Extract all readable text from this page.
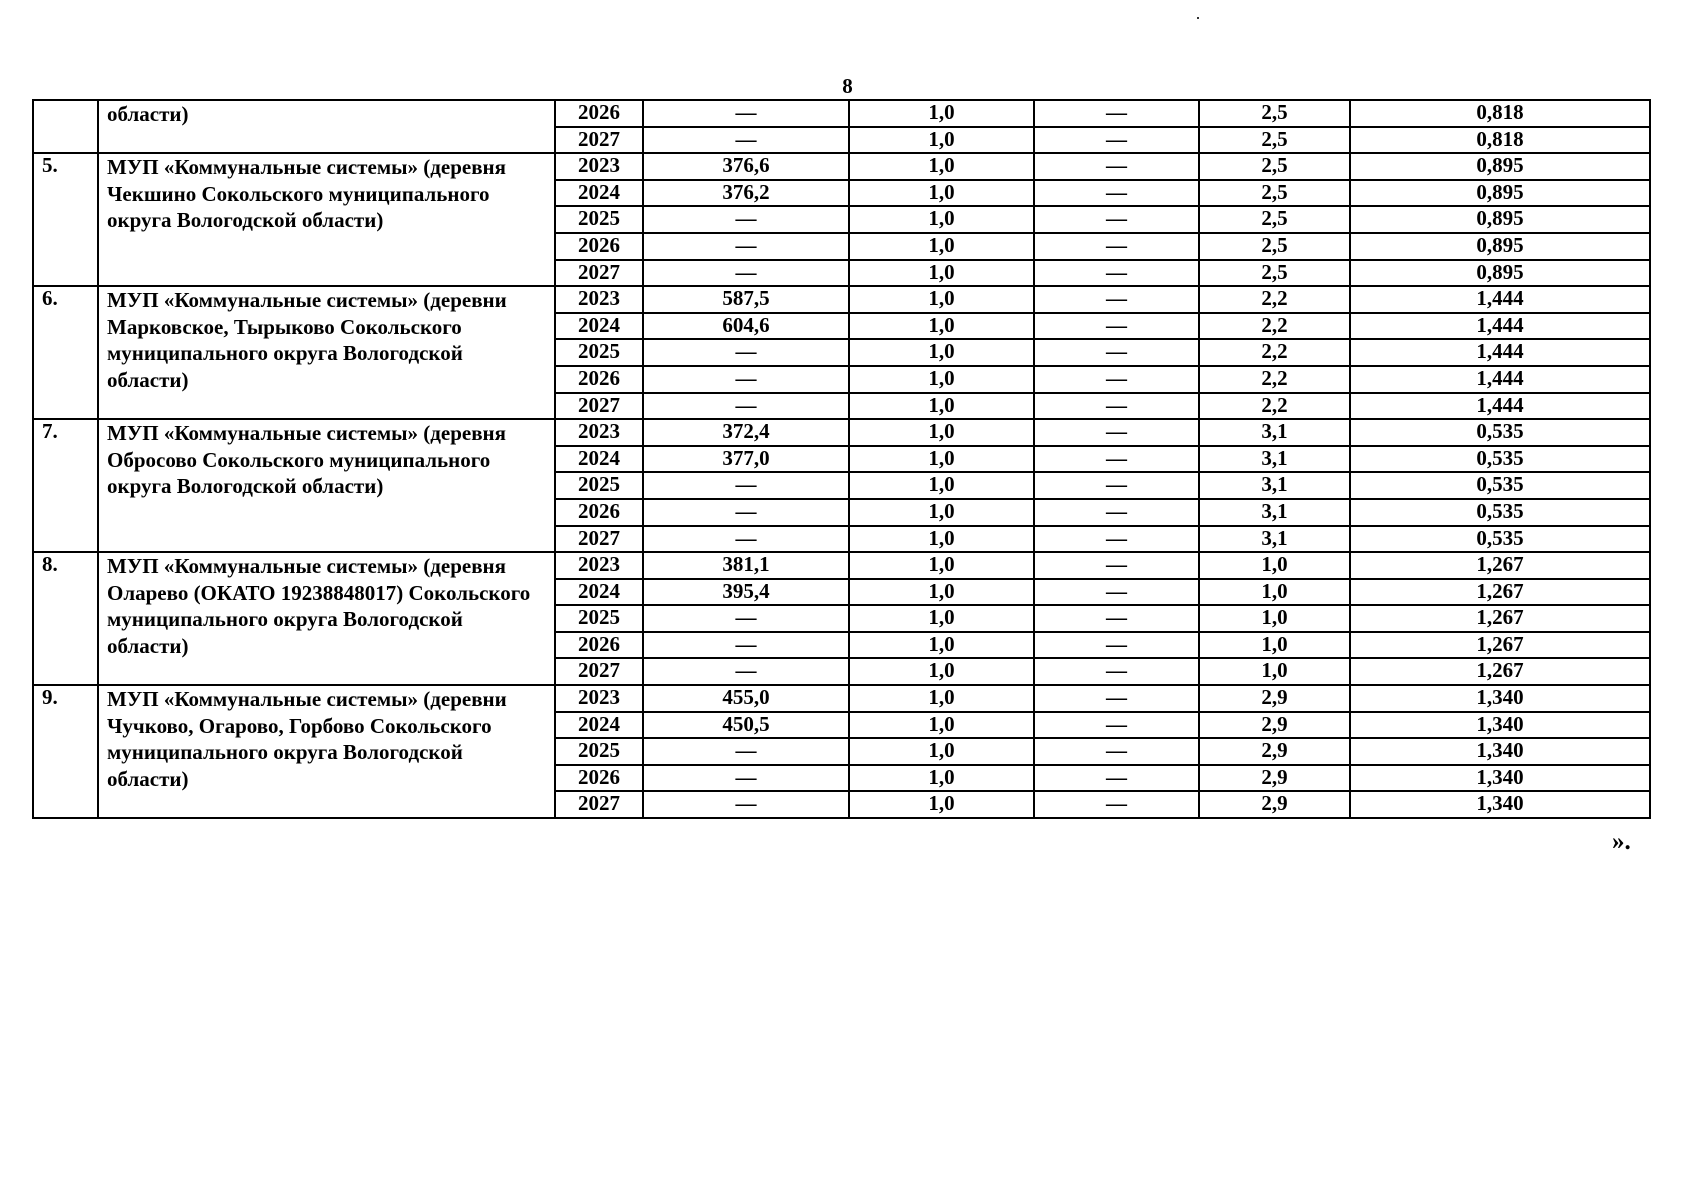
8
	области)	2026	—	1,0	—	2,5	0,818
		2027	—	1,0	—	2,5	0,818
5.	МУП «Коммунальные системы» (деревня Чекшино Сокольского муниципального округа Вологодской области)	2023	376,6	1,0	—	2,5	0,895
		2024	376,2	1,0	—	2,5	0,895
		2025	—	1,0	—	2,5	0,895
		2026	—	1,0	—	2,5	0,895
		2027	—	1,0	—	2,5	0,895
6.	МУП «Коммунальные системы» (деревни Марковское, Тырыково Сокольского муниципального округа Вологодской области)	2023	587,5	1,0	—	2,2	1,444
		2024	604,6	1,0	—	2,2	1,444
		2025	—	1,0	—	2,2	1,444
		2026	—	1,0	—	2,2	1,444
		2027	—	1,0	—	2,2	1,444
7.	МУП «Коммунальные системы» (деревня Обросово Сокольского муниципального округа Вологодской области)	2023	372,4	1,0	—	3,1	0,535
		2024	377,0	1,0	—	3,1	0,535
		2025	—	1,0	—	3,1	0,535
		2026	—	1,0	—	3,1	0,535
		2027	—	1,0	—	3,1	0,535
8.	МУП «Коммунальные системы» (деревня Оларево (ОКАТО 19238848017) Сокольского муниципального округа Вологодской области)	2023	381,1	1,0	—	1,0	1,267
		2024	395,4	1,0	—	1,0	1,267
		2025	—	1,0	—	1,0	1,267
		2026	—	1,0	—	1,0	1,267
		2027	—	1,0	—	1,0	1,267
9.	МУП «Коммунальные системы» (деревни Чучково, Огарово, Горбово Сокольского муниципального округа Вологодской области)	2023	455,0	1,0	—	2,9	1,340
		2024	450,5	1,0	—	2,9	1,340
		2025	—	1,0	—	2,9	1,340
		2026	—	1,0	—	2,9	1,340
		2027	—	1,0	—	2,9	1,340
».
